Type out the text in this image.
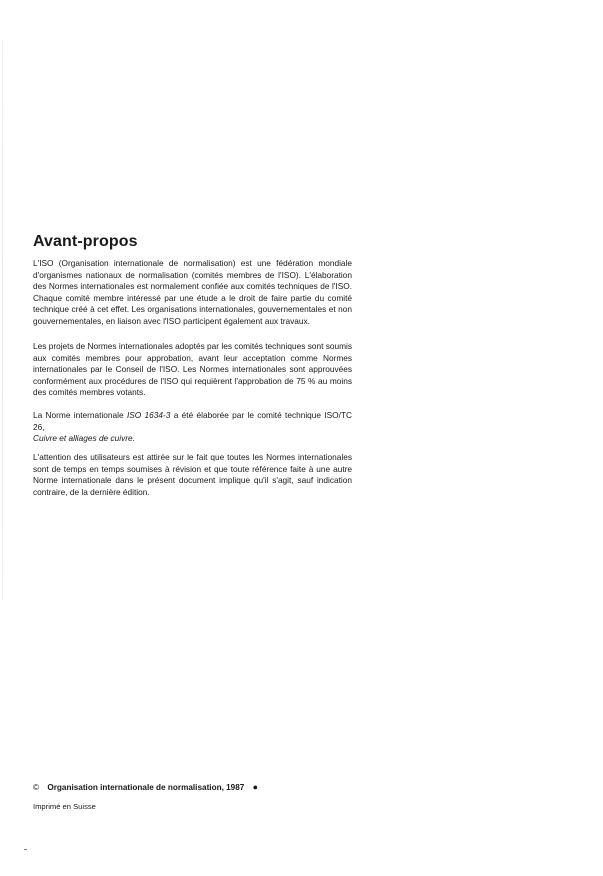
Avant-propos

L'ISO (Organisation internationale de normalisation) est une fédération mondiale d'organismes nationaux de normalisation (comités membres de l'ISO). L'élaboration des Normes internationales est normalement confiée aux comités techniques de l'ISO. Chaque comité membre intéressé par une étude a le droit de faire partie du comité technique créé à cet effet. Les organisations internationales, gouvernementales et non gouvernementales, en liaison avec l'ISO participent également aux travaux.

Les projets de Normes internationales adoptés par les comités techniques sont soumis aux comités membres pour approbation, avant leur acceptation comme Normes internationales par le Conseil de l'ISO. Les Normes internationales sont approuvées conformément aux procédures de l'ISO qui requièrent l'approbation de 75 % au moins des comités membres votants.

La Norme internationale ISO 1634-3 a été élaborée par le comité technique ISO/TC 26,
Cuivre et alliages de cuivre.

L'attention des utilisateurs est attirée sur le fait que toutes les Normes internationales sont de temps en temps soumises à révision et que toute référence faite à une autre Norme internationale dans le présent document implique qu'il s'agit, sauf indication contraire, de la dernière édition.

© Organisation internationale de normalisation, 1987 ●
Imprimé en Suisse
